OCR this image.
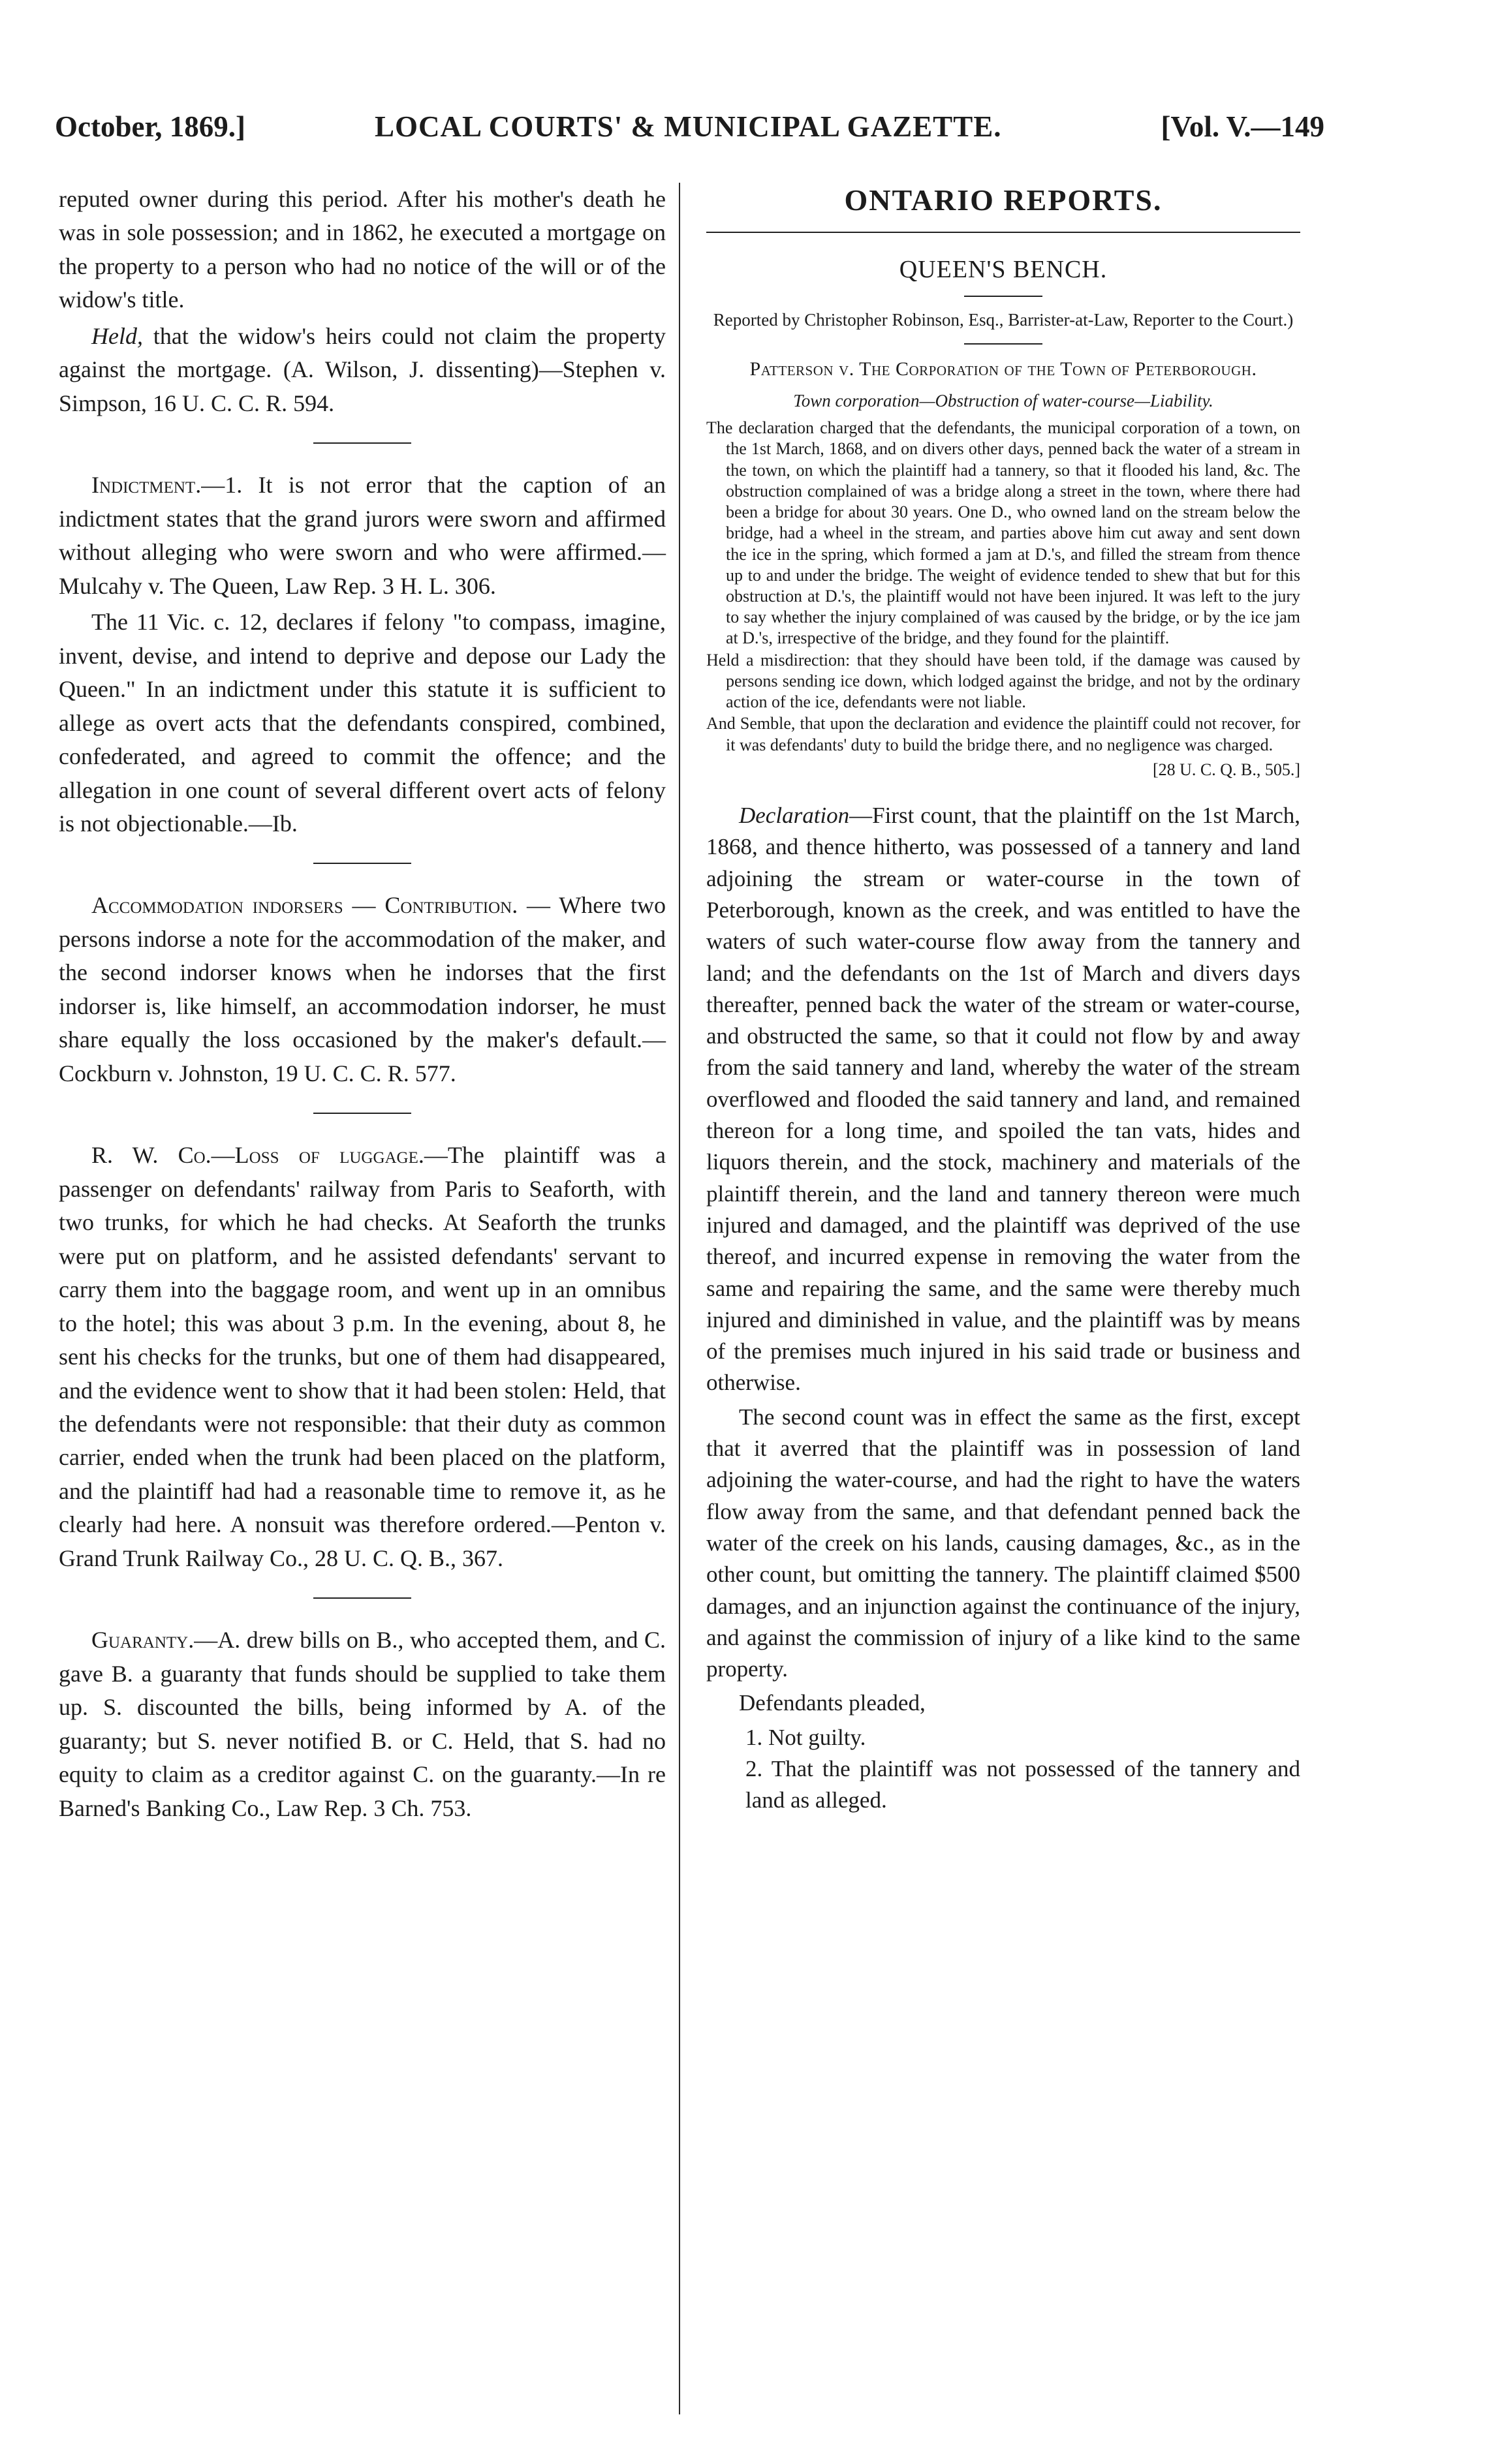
October, 1869.]	LOCAL COURTS' & MUNICIPAL GAZETTE.	[Vol. V.—149

reputed owner during this period. After his mother's death he was in sole possession; and in 1862, he executed a mortgage on the property to a person who had no notice of the will or of the widow's title.

Held, that the widow's heirs could not claim the property against the mortgage. (A. Wilson, J. dissenting)—Stephen v. Simpson, 16 U. C. C. R. 594.

Indictment.—1. It is not error that the caption of an indictment states that the grand jurors were sworn and affirmed without alleging who were sworn and who were affirmed.—Mulcahy v. The Queen, Law Rep. 3 H. L. 306.

The 11 Vic. c. 12, declares if felony "to compass, imagine, invent, devise, and intend to deprive and depose our Lady the Queen." In an indictment under this statute it is sufficient to allege as overt acts that the defendants conspired, combined, confederated, and agreed to commit the offence; and the allegation in one count of several different overt acts of felony is not objectionable.—Ib.

Accommodation indorsers — Contribution. — Where two persons indorse a note for the accommodation of the maker, and the second indorser knows when he indorses that the first indorser is, like himself, an accommodation indorser, he must share equally the loss occasioned by the maker's default.—Cockburn v. Johnston, 19 U. C. C. R. 577.

R. W. Co.—Loss of luggage.—The plaintiff was a passenger on defendants' railway from Paris to Seaforth, with two trunks, for which he had checks. At Seaforth the trunks were put on platform, and he assisted defendants' servant to carry them into the baggage room, and went up in an omnibus to the hotel; this was about 3 p.m. In the evening, about 8, he sent his checks for the trunks, but one of them had disappeared, and the evidence went to show that it had been stolen: Held, that the defendants were not responsible: that their duty as common carrier, ended when the trunk had been placed on the platform, and the plaintiff had had a reasonable time to remove it, as he clearly had here. A nonsuit was therefore ordered.—Penton v. Grand Trunk Railway Co., 28 U. C. Q. B., 367.

Guaranty.—A. drew bills on B., who accepted them, and C. gave B. a guaranty that funds should be supplied to take them up. S. discounted the bills, being informed by A. of the guaranty; but S. never notified B. or C. Held, that S. had no equity to claim as a creditor against C. on the guaranty.—In re Barned's Banking Co., Law Rep. 3 Ch. 753.

ONTARIO REPORTS.
QUEEN'S BENCH.
Reported by Christopher Robinson, Esq., Barrister-at-Law, Reporter to the Court.)
Patterson v. The Corporation of the Town of Peterborough.
Town corporation—Obstruction of water-course—Liability.

The declaration charged that the defendants, the municipal corporation of a town, on the 1st March, 1868, and on divers other days, penned back the water of a stream in the town, on which the plaintiff had a tannery, so that it flooded his land, &c. The obstruction complained of was a bridge along a street in the town, where there had been a bridge for about 30 years. One D., who owned land on the stream below the bridge, had a wheel in the stream, and parties above him cut away and sent down the ice in the spring, which formed a jam at D.'s, and filled the stream from thence up to and under the bridge. The weight of evidence tended to shew that but for this obstruction at D.'s, the plaintiff would not have been injured. It was left to the jury to say whether the injury complained of was caused by the bridge, or by the ice jam at D.'s, irrespective of the bridge, and they found for the plaintiff.

Held a misdirection: that they should have been told, if the damage was caused by persons sending ice down, which lodged against the bridge, and not by the ordinary action of the ice, defendants were not liable.

And Semble, that upon the declaration and evidence the plaintiff could not recover, for it was defendants' duty to build the bridge there, and no negligence was charged.

[28 U. C. Q. B., 505.]

Declaration—First count, that the plaintiff on the 1st March, 1868, and thence hitherto, was possessed of a tannery and land adjoining the stream or water-course in the town of Peterborough, known as the creek, and was entitled to have the waters of such water-course flow away from the tannery and land; and the defendants on the 1st of March and divers days thereafter, penned back the water of the stream or water-course, and obstructed the same, so that it could not flow by and away from the said tannery and land, whereby the water of the stream overflowed and flooded the said tannery and land, and remained thereon for a long time, and spoiled the tan vats, hides and liquors therein, and the stock, machinery and materials of the plaintiff therein, and the land and tannery thereon were much injured and damaged, and the plaintiff was deprived of the use thereof, and incurred expense in removing the water from the same and repairing the same, and the same were thereby much injured and diminished in value, and the plaintiff was by means of the premises much injured in his said trade or business and otherwise.

The second count was in effect the same as the first, except that it averred that the plaintiff was in possession of land adjoining the water-course, and had the right to have the waters flow away from the same, and that defendant penned back the water of the creek on his lands, causing damages, &c., as in the other count, but omitting the tannery. The plaintiff claimed $500 damages, and an injunction against the continuance of the injury, and against the commission of injury of a like kind to the same property.

Defendants pleaded,

1. Not guilty.

2. That the plaintiff was not possessed of the tannery and land as alleged.
